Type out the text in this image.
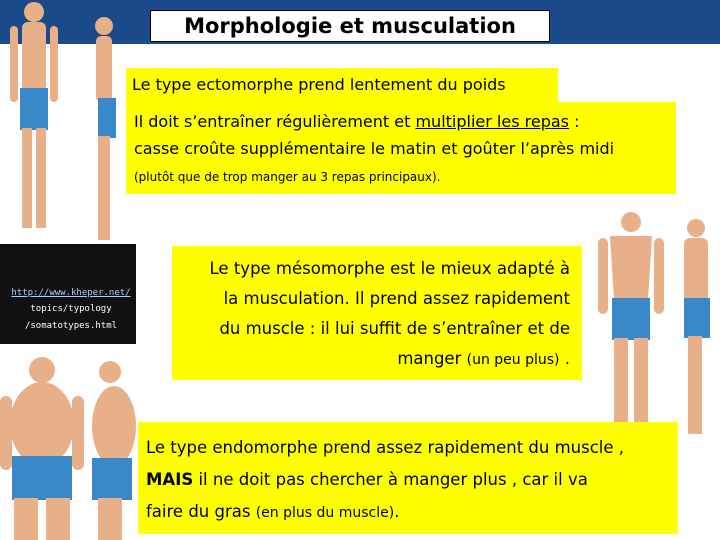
Morphologie et musculation
Le type ectomorphe prend lentement du poids
Il doit s’entraîner régulièrement et multiplier les repas :
casse croûte supplémentaire le matin et goûter l’après midi
(plutôt que de trop manger au 3 repas principaux).
http://www.kheper.net/
topics/typology
/somatotypes.html
Le type mésomorphe est le mieux adapté à
la musculation. Il prend assez rapidement
du muscle : il lui suffit de s’entraîner et de
manger (un peu plus) .
Le type endomorphe prend assez rapidement du muscle ,
MAIS il ne doit pas chercher à manger plus , car il va
faire du gras (en plus du muscle).
